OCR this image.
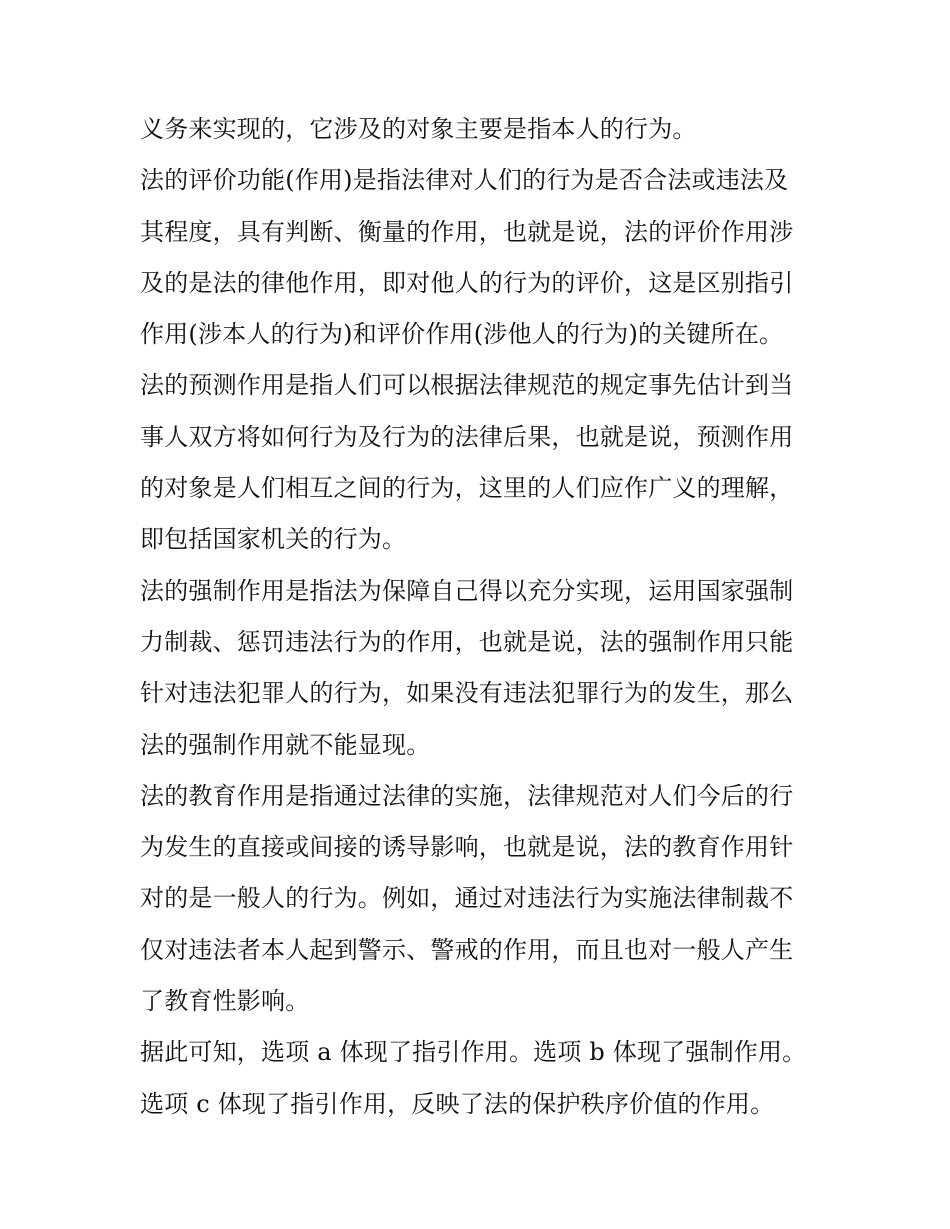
义务来实现的，它涉及的对象主要是指本人的行为。
法的评价功能(作用)是指法律对人们的行为是否合法或违法及
其程度，具有判断、衡量的作用，也就是说，法的评价作用涉
及的是法的律他作用，即对他人的行为的评价，这是区别指引
作用(涉本人的行为)和评价作用(涉他人的行为)的关键所在。
法的预测作用是指人们可以根据法律规范的规定事先估计到当
事人双方将如何行为及行为的法律后果，也就是说，预测作用
的对象是人们相互之间的行为，这里的人们应作广义的理解，
即包括国家机关的行为。
法的强制作用是指法为保障自己得以充分实现，运用国家强制
力制裁、惩罚违法行为的作用，也就是说，法的强制作用只能
针对违法犯罪人的行为，如果没有违法犯罪行为的发生，那么
法的强制作用就不能显现。
法的教育作用是指通过法律的实施，法律规范对人们今后的行
为发生的直接或间接的诱导影响，也就是说，法的教育作用针
对的是一般人的行为。例如，通过对违法行为实施法律制裁不
仅对违法者本人起到警示、警戒的作用，而且也对一般人产生
了教育性影响。
据此可知，选项 a 体现了指引作用。选项 b 体现了强制作用。
选项 c 体现了指引作用，反映了法的保护秩序价值的作用。
